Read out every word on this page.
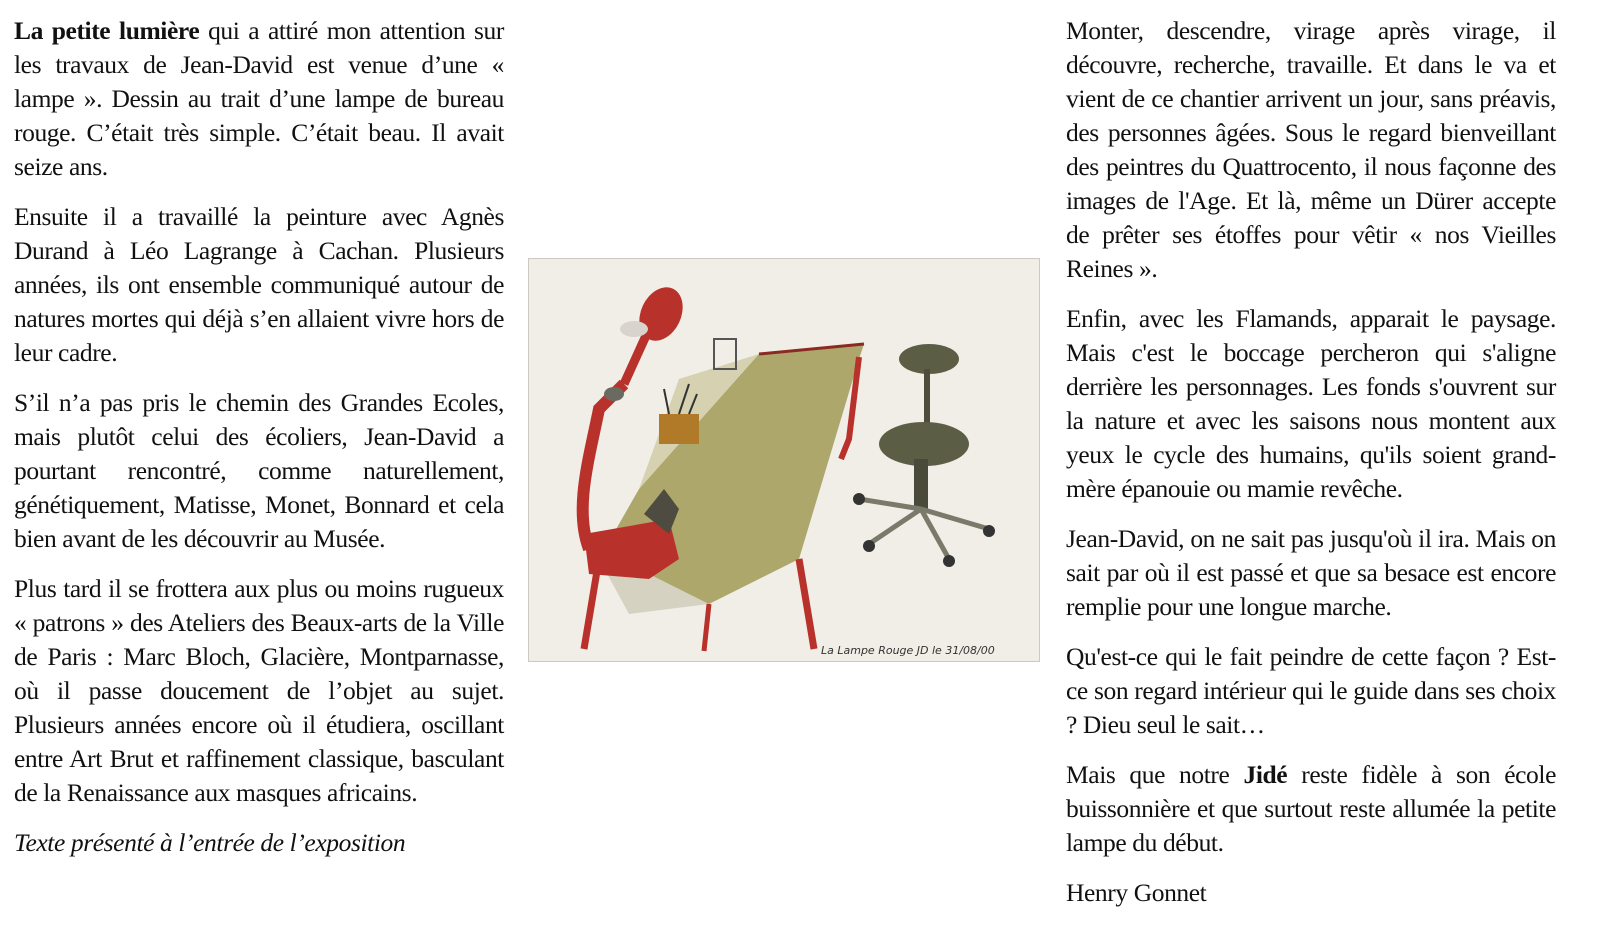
La petite lumière qui a attiré mon attention sur les travaux de Jean-David est venue d’une « lampe ». Dessin au trait d’une lampe de bureau rouge. C’était très simple. C’était beau. Il avait seize ans.

Ensuite il a travaillé la peinture avec Agnès Durand à Léo Lagrange à Cachan. Plusieurs années, ils ont ensemble communiqué autour de natures mortes qui déjà s’en allaient vivre hors de leur cadre.

S’il n’a pas pris le chemin des Grandes Ecoles, mais plutôt celui des écoliers, Jean-David a pourtant rencontré, comme naturellement, génétiquement, Matisse, Monet, Bonnard et cela bien avant de les découvrir au Musée.

Plus tard il se frottera aux plus ou moins rugueux « patrons » des Ateliers des Beaux-arts de la Ville de Paris : Marc Bloch, Glacière, Montparnasse, où il passe doucement de l’objet au sujet. Plusieurs années encore où il étudiera, oscillant entre Art Brut et raffinement classique, basculant de la Renaissance aux masques africains.

Texte présenté à l’entrée de l’exposition

La Lampe Rouge JD le 31/08/00

Monter, descendre, virage après virage, il découvre, recherche, travaille. Et dans le va et vient de ce chantier arrivent un jour, sans préavis, des personnes âgées. Sous le regard bienveillant des peintres du Quattrocento, il nous façonne des images de l'Age. Et là, même un Dürer accepte de prêter ses étoffes pour vêtir « nos Vieilles Reines ».

Enfin, avec les Flamands, apparait le paysage. Mais c'est le boccage percheron qui s'aligne derrière les personnages. Les fonds s'ouvrent sur la nature et avec les saisons nous montent aux yeux le cycle des humains, qu'ils soient grand-mère épanouie ou mamie revêche.

Jean-David, on ne sait pas jusqu'où il ira. Mais on sait par où il est passé et que sa besace est encore remplie pour une longue marche.

Qu'est-ce qui le fait peindre de cette façon ? Est-ce son regard intérieur qui le guide dans ses choix ? Dieu seul le sait…

Mais que notre Jidé reste fidèle à son école buissonnière et que surtout reste allumée la petite lampe du début.

Henry Gonnet
